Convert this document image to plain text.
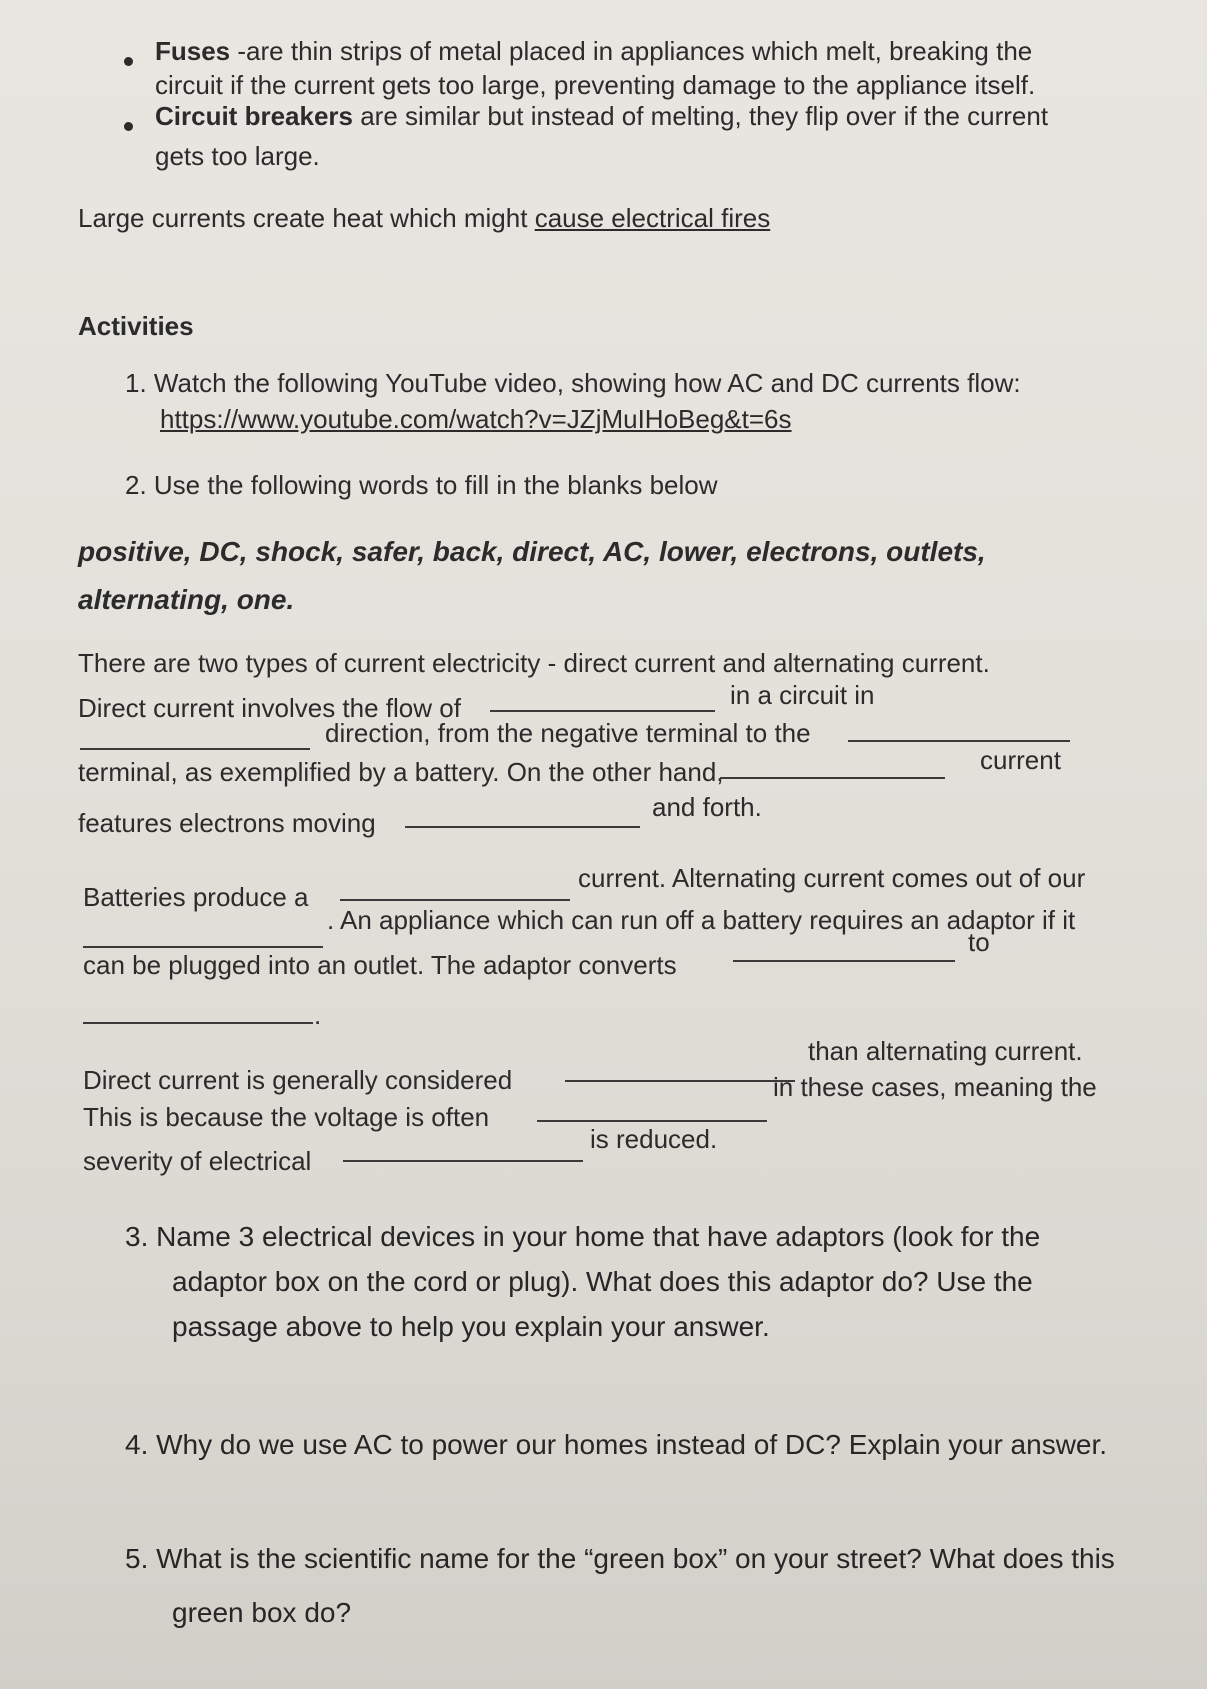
Fuses -are thin strips of metal placed in appliances which melt, breaking the
circuit if the current gets too large, preventing damage to the appliance itself.
Circuit breakers are similar but instead of melting, they flip over if the current
gets too large.
Large currents create heat which might cause electrical fires
Activities
1. Watch the following YouTube video, showing how AC and DC currents flow:
https://www.youtube.com/watch?v=JZjMuIHoBeg&t=6s
2. Use the following words to fill in the blanks below
positive, DC, shock, safer, back, direct, AC, lower, electrons, outlets,
alternating, one.
There are two types of current electricity - direct current and alternating current.
Direct current involves the flow of	in a circuit in
direction, from the negative terminal to the
terminal, as exemplified by a battery. On the other hand,	current
features electrons moving
and forth.
Batteries produce a
current. Alternating current comes out of our
. An appliance which can run off a battery requires an adaptor if it
can be plugged into an outlet. The adaptor converts
to
.
Direct current is generally considered
than alternating current.
This is because the voltage is often
in these cases, meaning the
severity of electrical
is reduced.
3. Name 3 electrical devices in your home that have adaptors (look for the
adaptor box on the cord or plug). What does this adaptor do? Use the
passage above to help you explain your answer.
4. Why do we use AC to power our homes instead of DC? Explain your answer.
5. What is the scientific name for the “green box” on your street? What does this
green box do?
